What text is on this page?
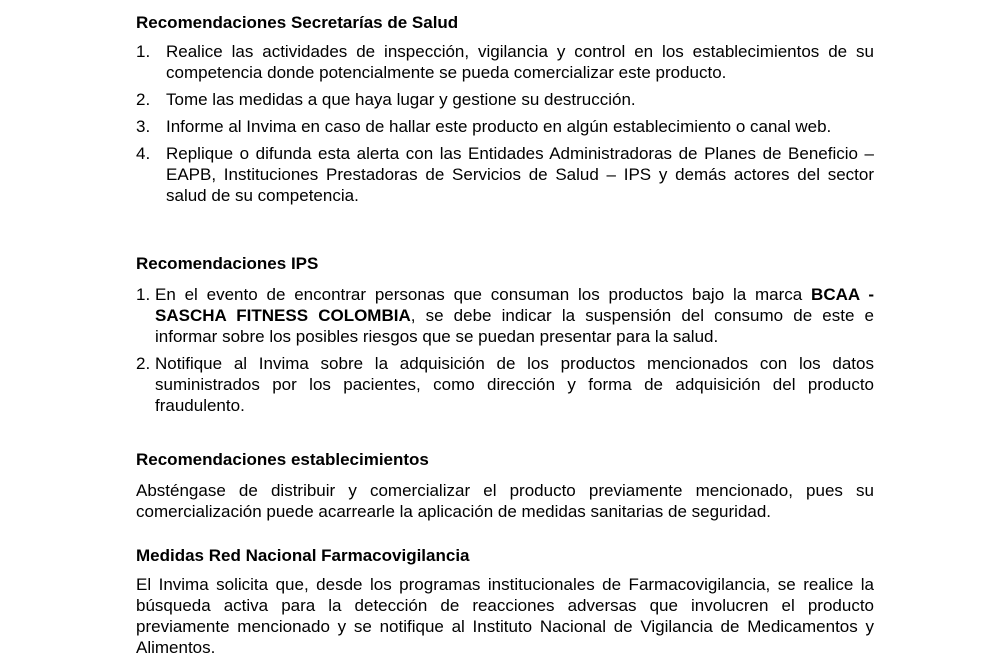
Recomendaciones Secretarías de Salud
1. Realice las actividades de inspección, vigilancia y control en los establecimientos de su competencia donde potencialmente se pueda comercializar este producto.
2. Tome las medidas a que haya lugar y gestione su destrucción.
3. Informe al Invima en caso de hallar este producto en algún establecimiento o canal web.
4. Replique o difunda esta alerta con las Entidades Administradoras de Planes de Beneficio – EAPB, Instituciones Prestadoras de Servicios de Salud – IPS y demás actores del sector salud de su competencia.
Recomendaciones IPS
1. En el evento de encontrar personas que consuman los productos bajo la marca BCAA - SASCHA FITNESS COLOMBIA, se debe indicar la suspensión del consumo de este e informar sobre los posibles riesgos que se puedan presentar para la salud.
2. Notifique al Invima sobre la adquisición de los productos mencionados con los datos suministrados por los pacientes, como dirección y forma de adquisición del producto fraudulento.
Recomendaciones establecimientos

Absténgase de distribuir y comercializar el producto previamente mencionado, pues su comercialización puede acarrearle la aplicación de medidas sanitarias de seguridad.

Medidas Red Nacional Farmacovigilancia

El Invima solicita que, desde los programas institucionales de Farmacovigilancia, se realice la búsqueda activa para la detección de reacciones adversas que involucren el producto previamente mencionado y se notifique al Instituto Nacional de Vigilancia de Medicamentos y Alimentos.
